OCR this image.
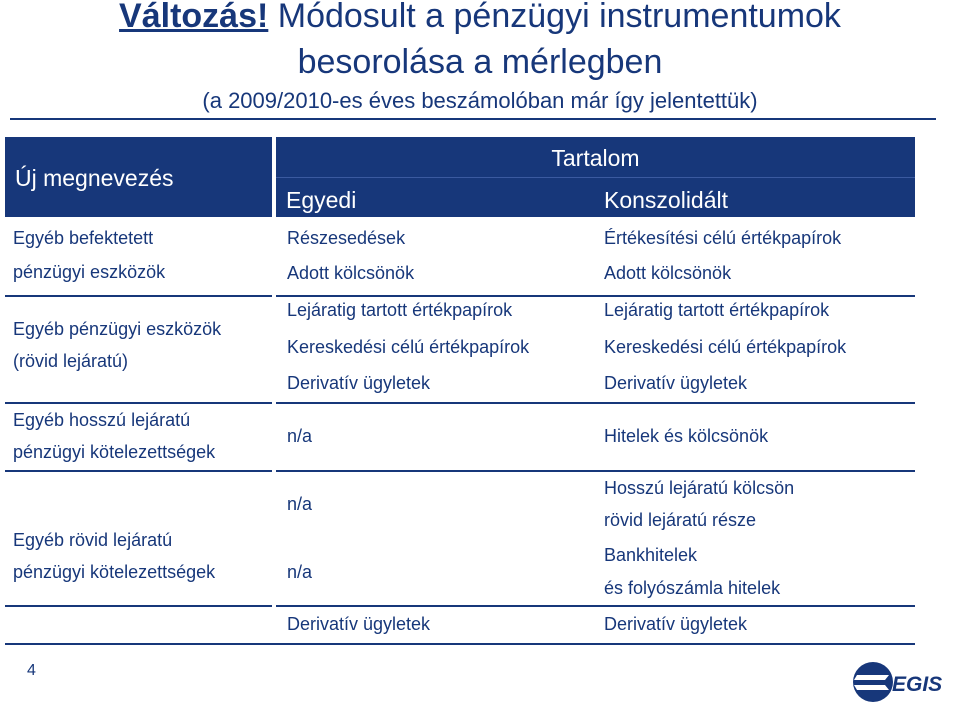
Változás! Módosult a pénzügyi instrumentumok
besorolása a mérlegben
(a 2009/2010-es éves beszámolóban már így jelentettük)
Új megnevezés
Tartalom
Egyedi	Konszolidált
Egyéb befektetett
pénzügyi eszközök
Részesedések
Adott kölcsönök
Értékesítési célú értékpapírok
Adott kölcsönök
Egyéb pénzügyi eszközök
(rövid lejáratú)
Lejáratig tartott értékpapírok
Kereskedési célú értékpapírok
Derivatív ügyletek
Lejáratig tartott értékpapírok
Kereskedési célú értékpapírok
Derivatív ügyletek
Egyéb hosszú lejáratú
pénzügyi kötelezettségek
n/a	Hitelek és kölcsönök
Egyéb rövid lejáratú
pénzügyi kötelezettségek
n/a
n/a
Derivatív ügyletek
Hosszú lejáratú kölcsön
rövid lejáratú része
Bankhitelek
és folyószámla hitelek
Derivatív ügyletek
4
EGIS
